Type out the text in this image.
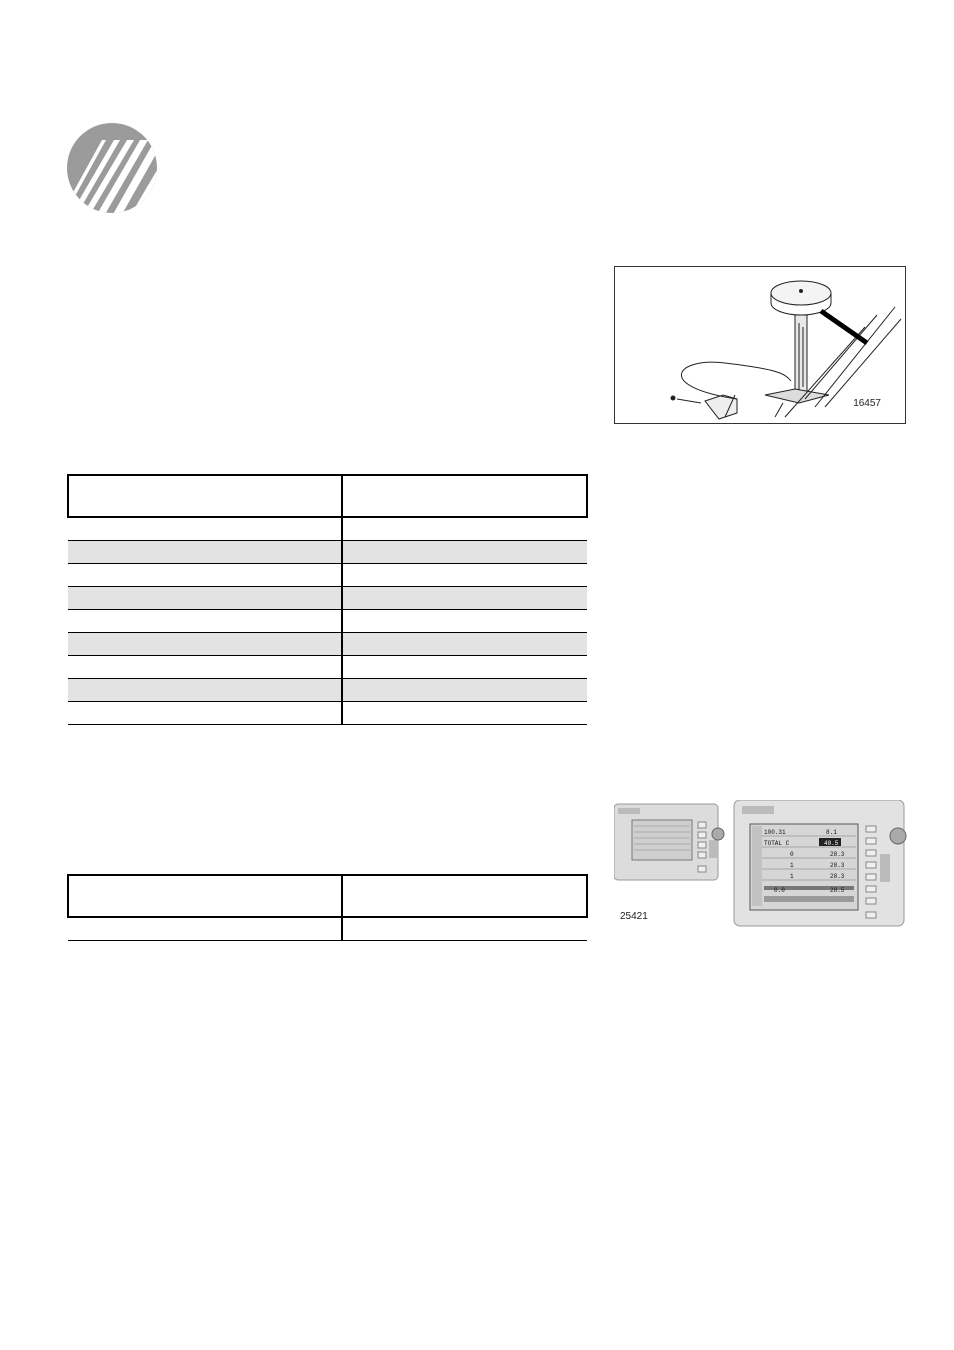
16457

100.31	8.1
TOTAL C	40.5
0	28.3
1	28.3
1	28.3
0.0	28.5
25421
